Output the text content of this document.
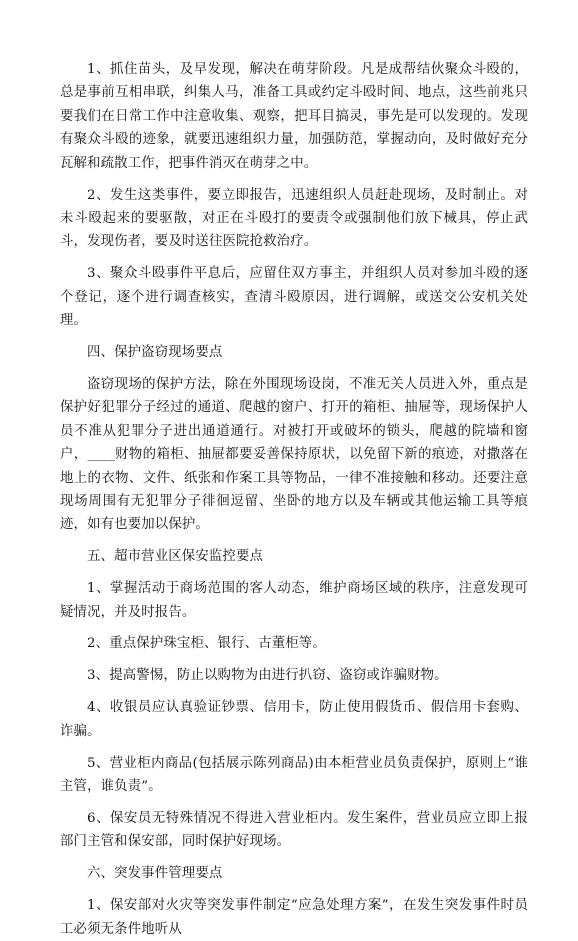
1、抓住苗头，及早发现，解决在萌芽阶段。凡是成帮结伙聚众斗殴的，总是事前互相串联，纠集人马，准备工具或约定斗殴时间、地点，这些前兆只要我们在日常工作中注意收集、观察，把耳目搞灵，事先是可以发现的。发现有聚众斗殴的迹象，就要迅速组织力量，加强防范，掌握动向，及时做好充分瓦解和疏散工作，把事件消灭在萌芽之中。

2、发生这类事件，要立即报告，迅速组织人员赶赴现场，及时制止。对未斗殴起来的要驱散，对正在斗殴打的要责令或强制他们放下械具，停止武斗，发现伤者，要及时送往医院抢救治疗。

3、聚众斗殴事件平息后，应留住双方事主，并组织人员对参加斗殴的逐个登记，逐个进行调查核实，查清斗殴原因，进行调解，或送交公安机关处理。

四、保护盗窃现场要点

盗窃现场的保护方法，除在外围现场设岗，不准无关人员进入外，重点是保护好犯罪分子经过的通道、爬越的窗户、打开的箱柜、抽屉等，现场保护人员不准从犯罪分子进出通道通行。对被打开或破坏的锁头，爬越的院墙和窗户，____财物的箱柜、抽屉都要妥善保持原状，以免留下新的痕迹，对撒落在地上的衣物、文件、纸张和作案工具等物品，一律不准接触和移动。还要注意现场周围有无犯罪分子徘徊逗留、坐卧的地方以及车辆或其他运输工具等痕迹，如有也要加以保护。

五、超市营业区保安监控要点

1、掌握活动于商场范围的客人动态，维护商场区域的秩序，注意发现可疑情况，并及时报告。

2、重点保护珠宝柜、银行、古董柜等。

3、提高警惕，防止以购物为由进行扒窃、盗窃或诈骗财物。

4、收银员应认真验证钞票、信用卡，防止使用假货币、假信用卡套购、诈骗。

5、营业柜内商品(包括展示陈列商品)由本柜营业员负责保护，原则上“谁主管，谁负责”。

6、保安员无特殊情况不得进入营业柜内。发生案件，营业员应立即上报部门主管和保安部，同时保护好现场。

六、突发事件管理要点

1、保安部对火灾等突发事件制定“应急处理方案”，在发生突发事件时员工必须无条件地听从
